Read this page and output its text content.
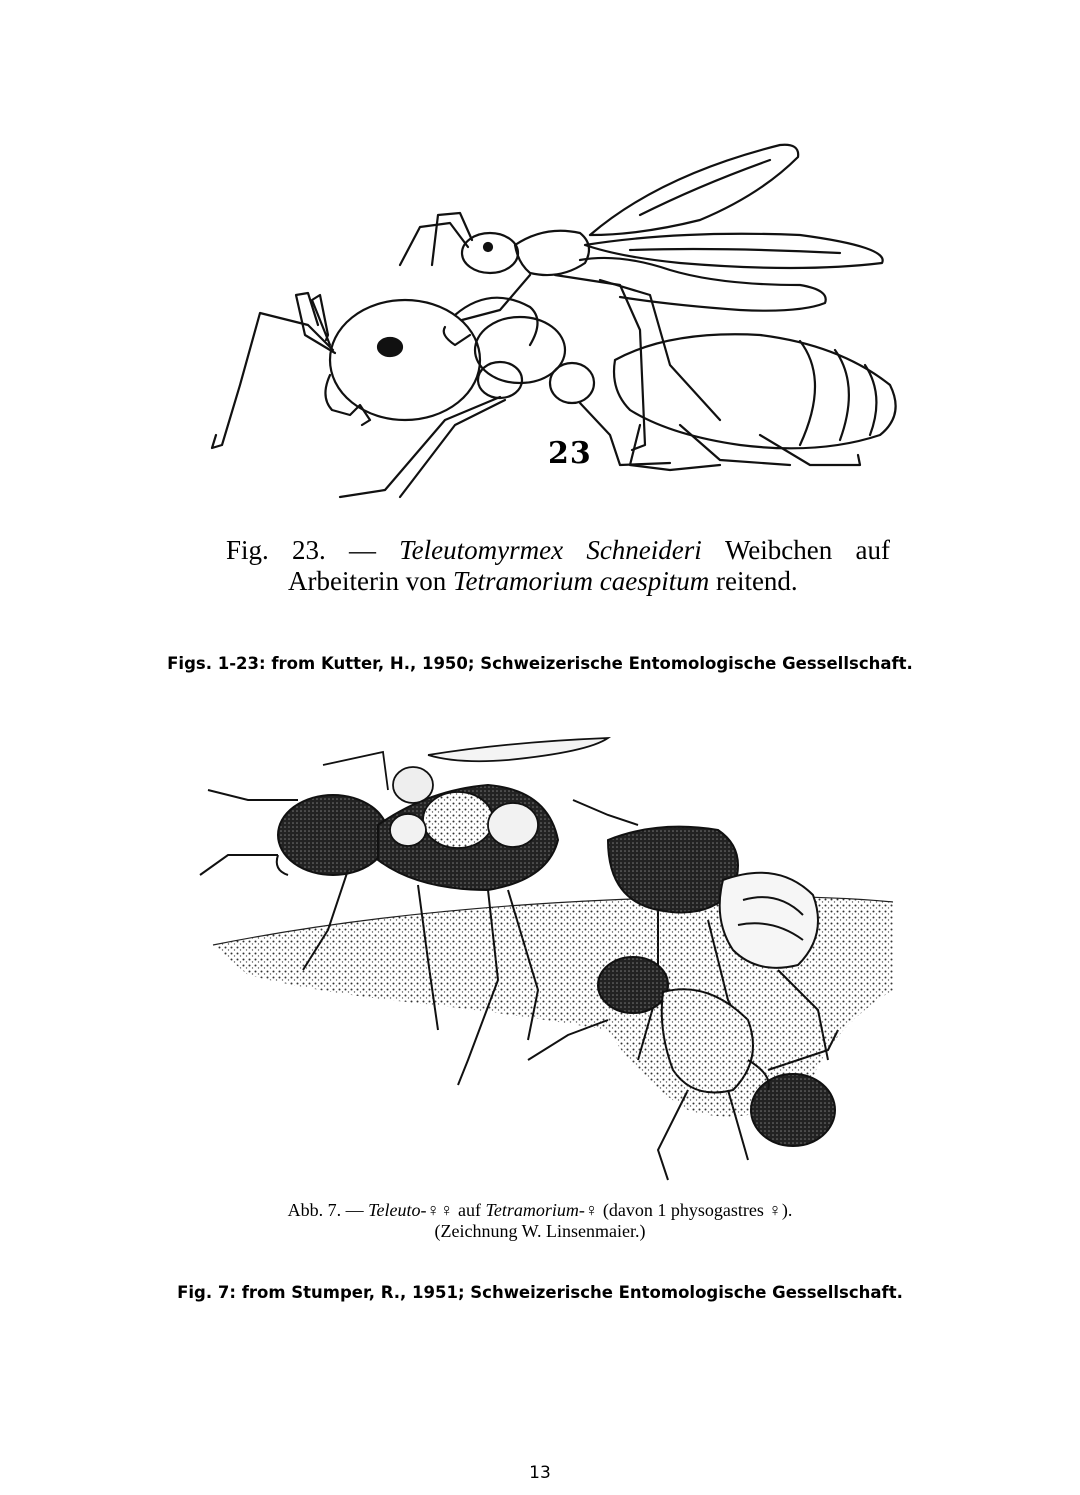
23
Fig. 23. — Teleutomyrmex Schneideri Weibchen auf
Arbeiterin von Tetramorium caespitum reitend.
Figs. 1-23: from Kutter, H., 1950; Schweizerische Entomologische Gessellschaft.
Abb. 7. — Teleuto-♀♀ auf Tetramorium-♀ (davon 1 physogastres ♀).
(Zeichnung W. Linsenmaier.)
Fig. 7: from Stumper, R., 1951; Schweizerische Entomologische Gessellschaft.
13
